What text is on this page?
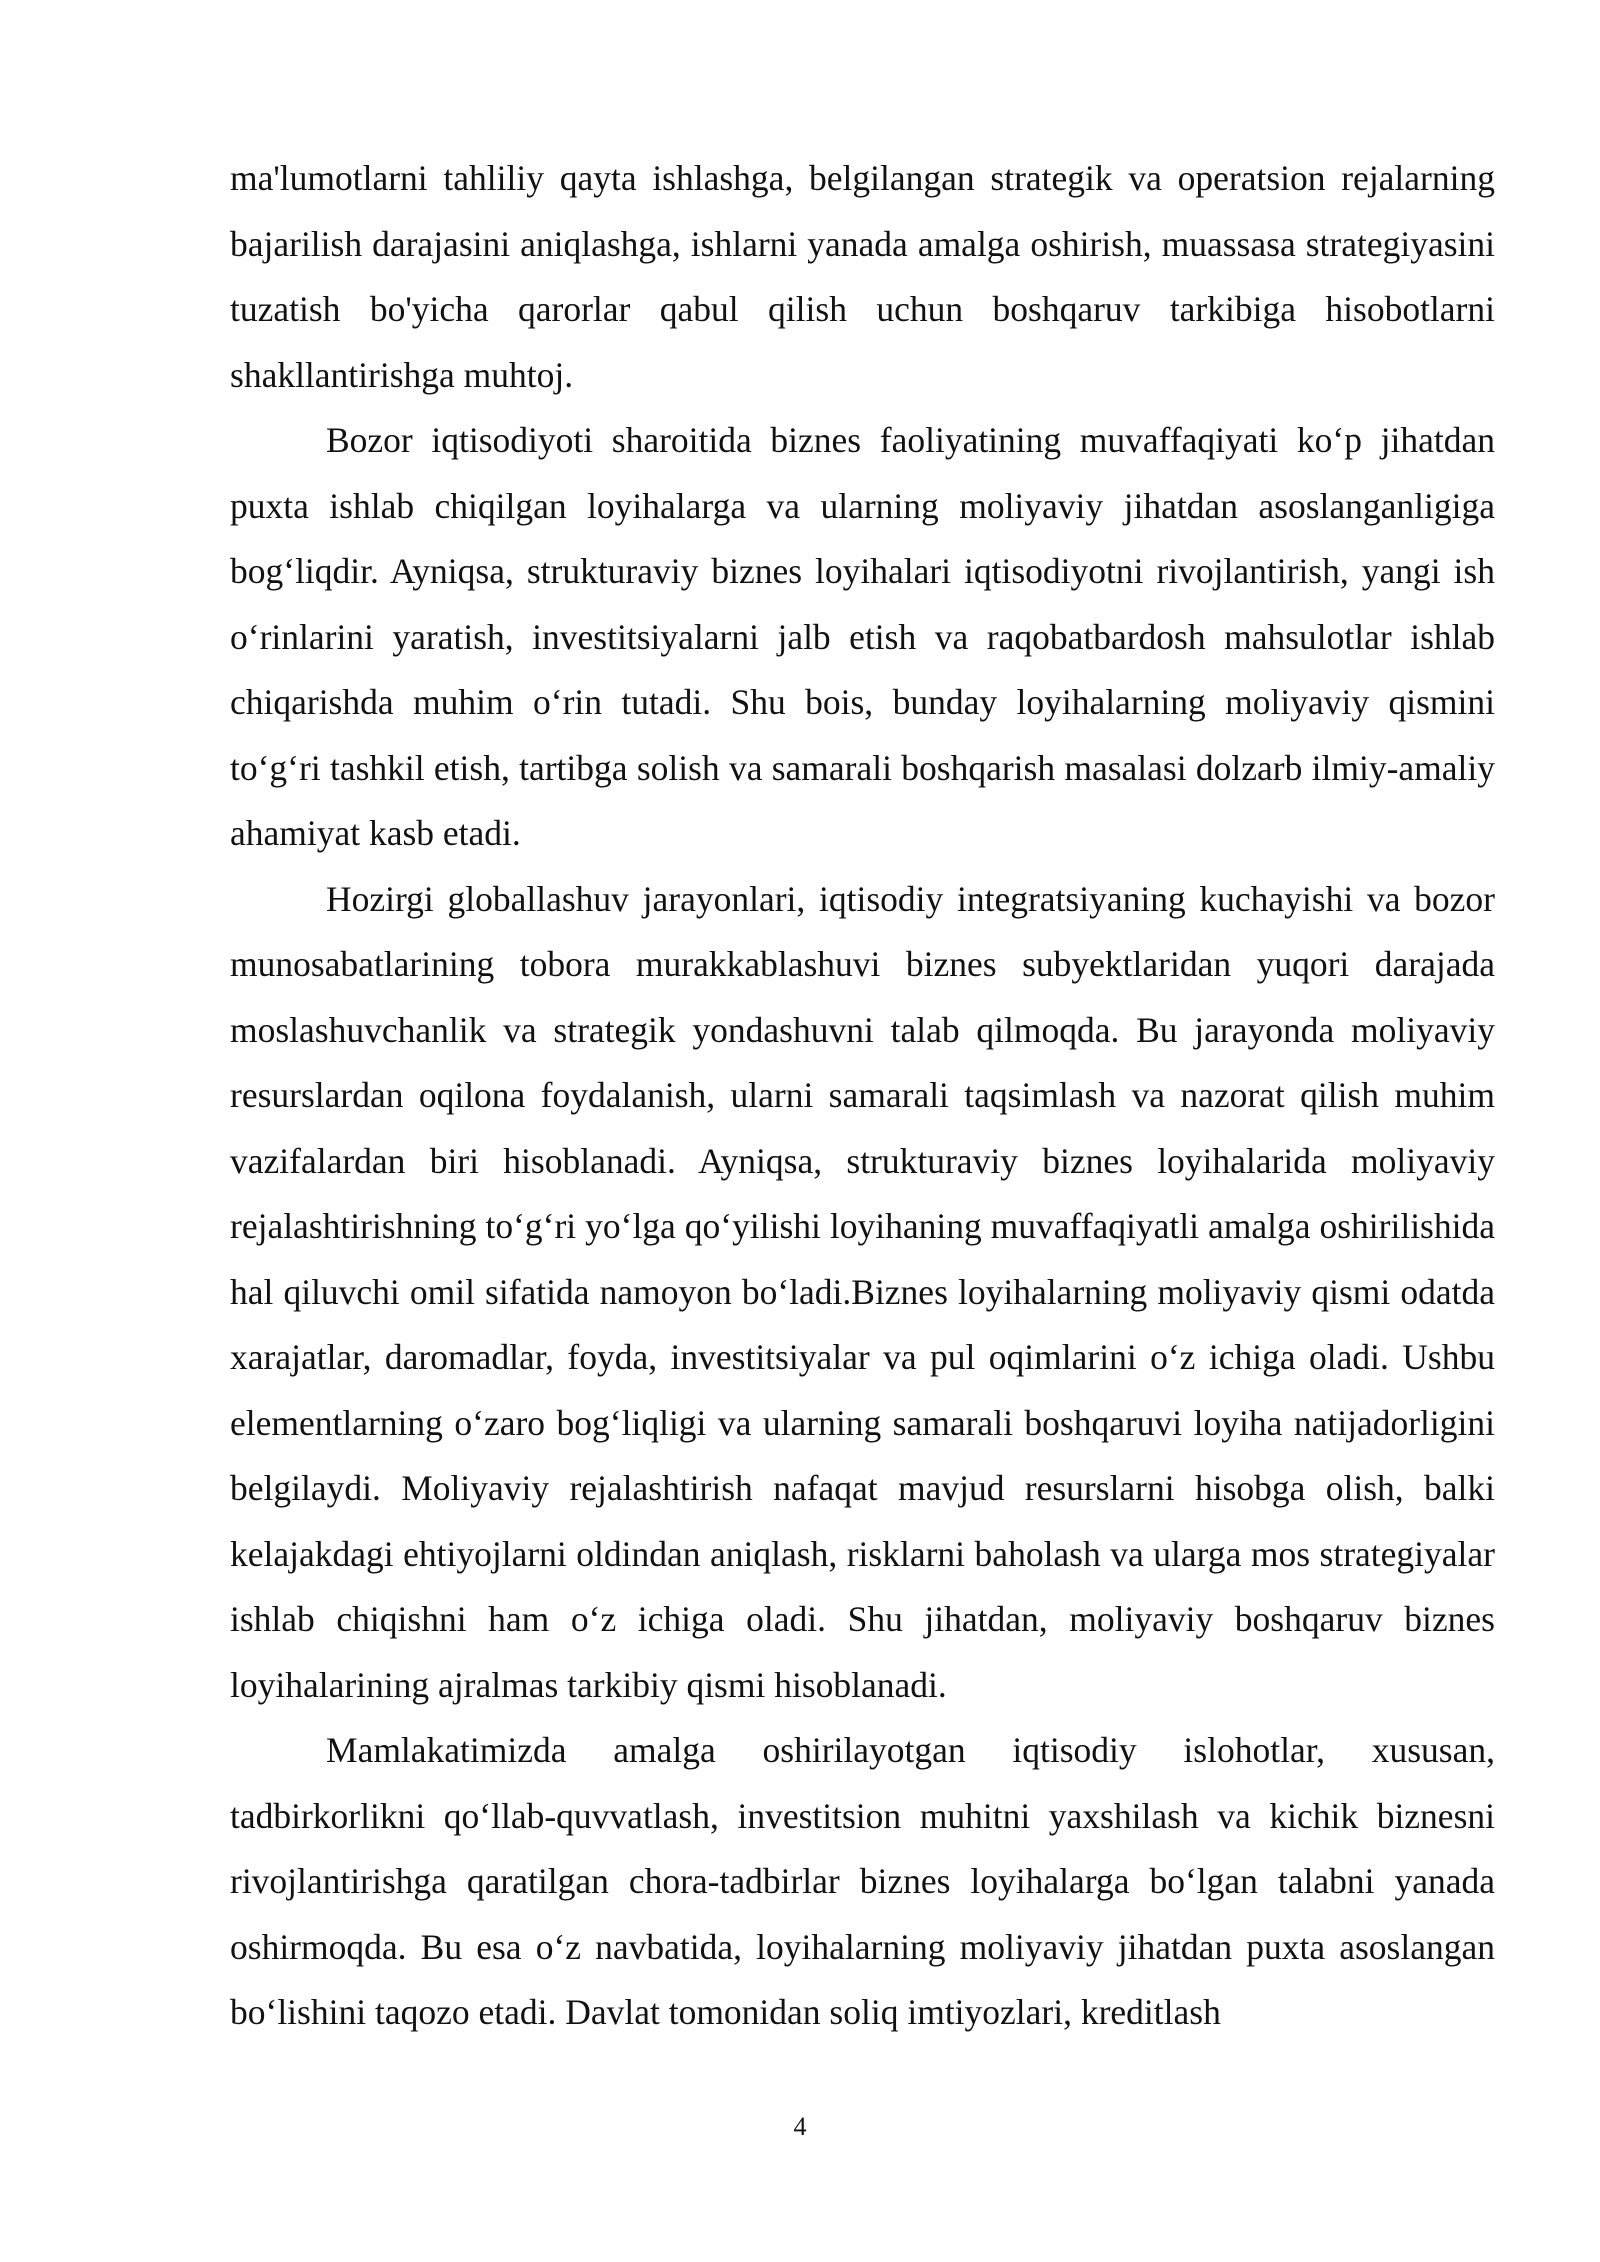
ma'lumotlarni tahliliy qayta ishlashga, belgilangan strategik va operatsion rejalarning bajarilish darajasini aniqlashga, ishlarni yanada amalga oshirish, muassasa strategiyasini tuzatish bo'yicha qarorlar qabul qilish uchun boshqaruv tarkibiga hisobotlarni shakllantirishga muhtoj.

Bozor iqtisodiyoti sharoitida biznes faoliyatining muvaffaqiyati ko‘p jihatdan puxta ishlab chiqilgan loyihalarga va ularning moliyaviy jihatdan asoslanganligiga bog‘liqdir. Ayniqsa, strukturaviy biznes loyihalari iqtisodiyotni rivojlantirish, yangi ish o‘rinlarini yaratish, investitsiyalarni jalb etish va raqobatbardosh mahsulotlar ishlab chiqarishda muhim o‘rin tutadi. Shu bois, bunday loyihalarning moliyaviy qismini to‘g‘ri tashkil etish, tartibga solish va samarali boshqarish masalasi dolzarb ilmiy-amaliy ahamiyat kasb etadi.

Hozirgi globallashuv jarayonlari, iqtisodiy integratsiyaning kuchayishi va bozor munosabatlarining tobora murakkablashuvi biznes subyektlaridan yuqori darajada moslashuvchanlik va strategik yondashuvni talab qilmoqda. Bu jarayonda moliyaviy resurslardan oqilona foydalanish, ularni samarali taqsimlash va nazorat qilish muhim vazifalardan biri hisoblanadi. Ayniqsa, strukturaviy biznes loyihalarida moliyaviy rejalashtirishning to‘g‘ri yo‘lga qo‘yilishi loyihaning muvaffaqiyatli amalga oshirilishida hal qiluvchi omil sifatida namoyon bo‘ladi.Biznes loyihalarning moliyaviy qismi odatda xarajatlar, daromadlar, foyda, investitsiyalar va pul oqimlarini o‘z ichiga oladi. Ushbu elementlarning o‘zaro bog‘liqligi va ularning samarali boshqaruvi loyiha natijadorligini belgilaydi. Moliyaviy rejalashtirish nafaqat mavjud resurslarni hisobga olish, balki kelajakdagi ehtiyojlarni oldindan aniqlash, risklarni baholash va ularga mos strategiyalar ishlab chiqishni ham o‘z ichiga oladi. Shu jihatdan, moliyaviy boshqaruv biznes loyihalarining ajralmas tarkibiy qismi hisoblanadi.

Mamlakatimizda amalga oshirilayotgan iqtisodiy islohotlar, xususan, tadbirkorlikni qo‘llab-quvvatlash, investitsion muhitni yaxshilash va kichik biznesni rivojlantirishga qaratilgan chora-tadbirlar biznes loyihalarga bo‘lgan talabni yanada oshirmoqda. Bu esa o‘z navbatida, loyihalarning moliyaviy jihatdan puxta asoslangan bo‘lishini taqozo etadi. Davlat tomonidan soliq imtiyozlari, kreditlash

4
